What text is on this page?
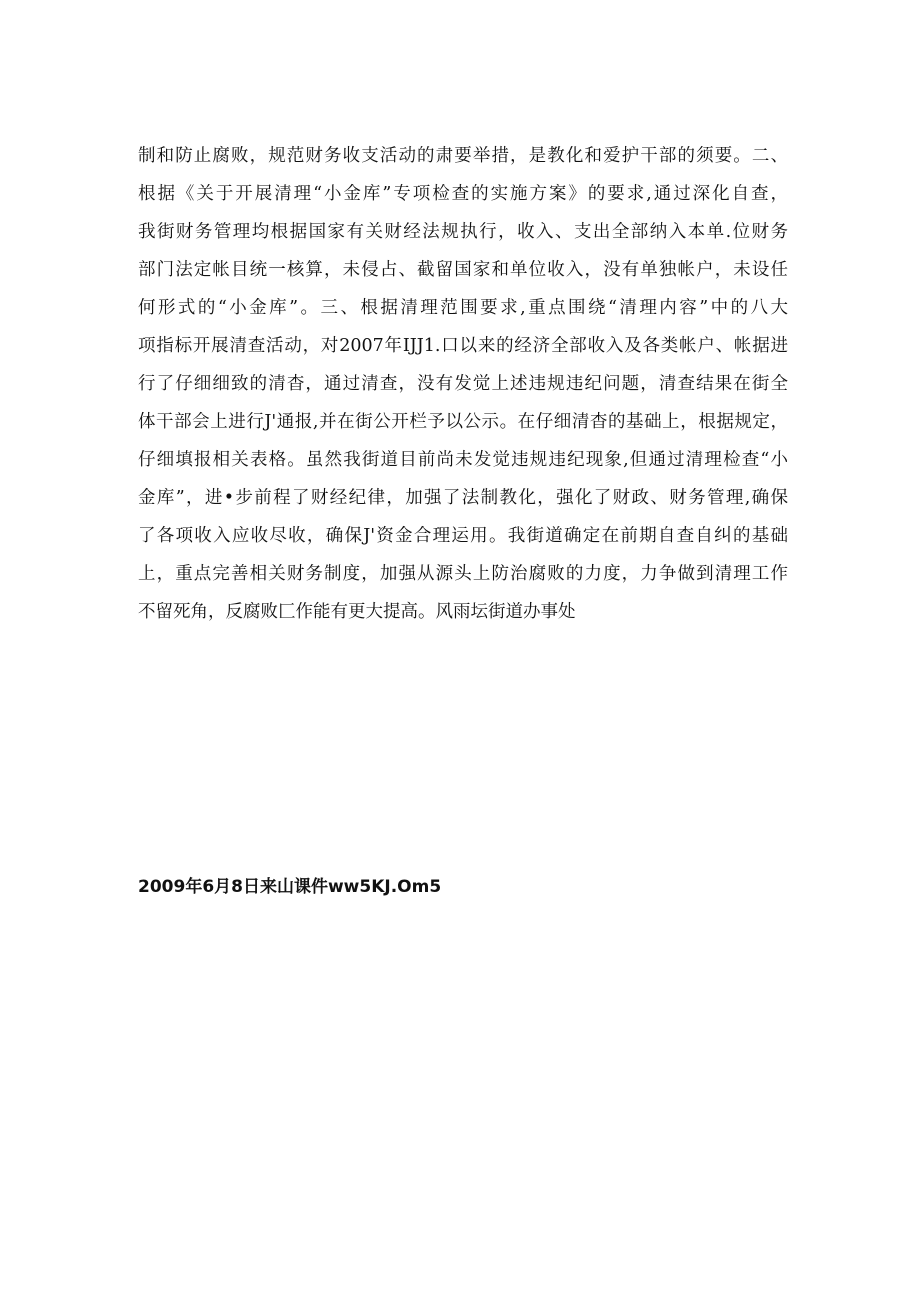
制和防止腐败，规范财务收支活动的肃要举措，是教化和爱护干部的须要。二、
根据《关于开展清理“小金库”专项检查的实施方案》的要求,通过深化自查，
我街财务管理均根据国家有关财经法规执行，收入、支出全部纳入本单.位财务
部门法定帐目统一核算，未侵占、截留国家和单位收入，没有单独帐户，未设任
何形式的“小金库”。三、根据清理范围要求,重点围绕“清理内容”中的八大
项指标开展清查活动，对2007年IJJ1.口以来的经济全部收入及各类帐户、帐据进
行了仔细细致的清杳，通过清查，没有发觉上述违规违纪问题，清查结果在街全
体干部会上进行J'通报,并在街公开栏予以公示。在仔细清杳的基础上，根据规定，
仔细填报相关表格。虽然我街道目前尚未发觉违规违纪现象,但通过清理检查“小
金库”，进•步前程了财经纪律，加强了法制教化，强化了财政、财务管理,确保
了各项收入应收尽收，确保J'资金合理运用。我街道确定在前期自查自纠的基础
上，重点完善相关财务制度，加强从源头上防治腐败的力度，力争做到清理工作
不留死角，反腐败匚作能有更大提高。风雨坛街道办事处
2009年6月8日来山课件ww5KJ.Om5
